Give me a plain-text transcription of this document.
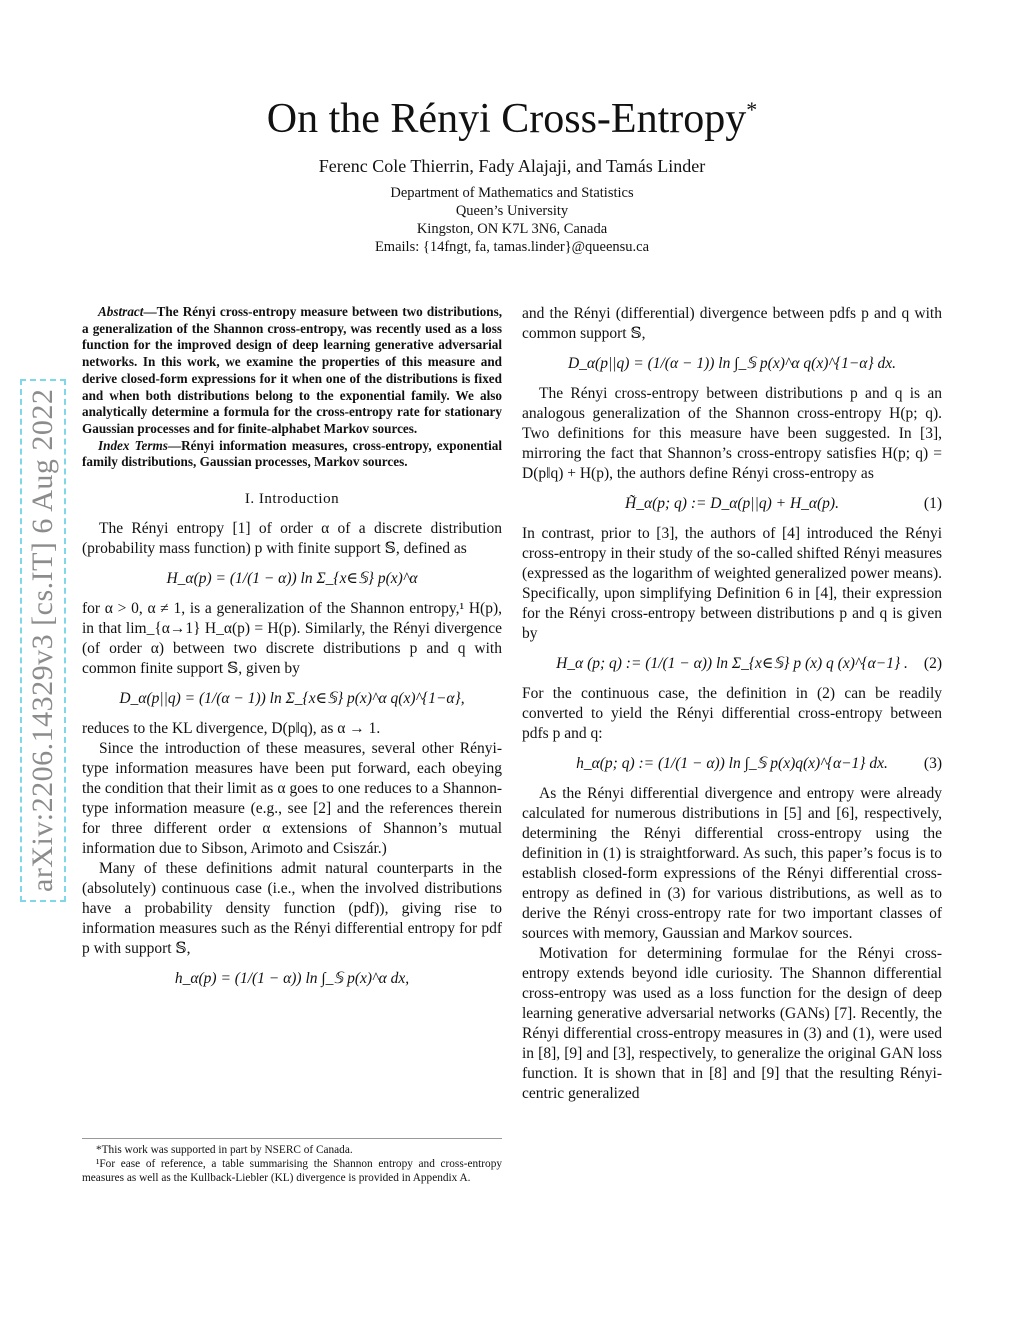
arXiv:2206.14329v3 [cs.IT] 6 Aug 2022
On the Rényi Cross-Entropy*
Ferenc Cole Thierrin, Fady Alajaji, and Tamás Linder
Department of Mathematics and Statistics
Queen’s University
Kingston, ON K7L 3N6, Canada
Emails: {14fngt, fa, tamas.linder}@queensu.ca

Abstract—The Rényi cross-entropy measure between two distributions, a generalization of the Shannon cross-entropy, was recently used as a loss function for the improved design of deep learning generative adversarial networks. In this work, we examine the properties of this measure and derive closed-form expressions for it when one of the distributions is fixed and when both distributions belong to the exponential family. We also analytically determine a formula for the cross-entropy rate for stationary Gaussian processes and for finite-alphabet Markov sources.

Index Terms—Rényi information measures, cross-entropy, exponential family distributions, Gaussian processes, Markov sources.

I. Introduction

The Rényi entropy [1] of order α of a discrete distribution (probability mass function) p with finite support 𝕊, defined as

H_α(p) = (1/(1 − α)) ln Σ_{x∈𝕊} p(x)^α

for α > 0, α ≠ 1, is a generalization of the Shannon entropy,¹ H(p), in that lim_{α→1} H_α(p) = H(p). Similarly, the Rényi divergence (of order α) between two discrete distributions p and q with common finite support 𝕊, given by

D_α(p||q) = (1/(α − 1)) ln Σ_{x∈𝕊} p(x)^α q(x)^{1−α},

reduces to the KL divergence, D(p‖q), as α → 1.

Since the introduction of these measures, several other Rényi-type information measures have been put forward, each obeying the condition that their limit as α goes to one reduces to a Shannon-type information measure (e.g., see [2] and the references therein for three different order α extensions of Shannon’s mutual information due to Sibson, Arimoto and Csiszár.)

Many of these definitions admit natural counterparts in the (absolutely) continuous case (i.e., when the involved distributions have a probability density function (pdf)), giving rise to information measures such as the Rényi differential entropy for pdf p with support 𝕊,

h_α(p) = (1/(1 − α)) ln ∫_𝕊 p(x)^α dx,

*This work was supported in part by NSERC of Canada.

¹For ease of reference, a table summarising the Shannon entropy and cross-entropy measures as well as the Kullback-Liebler (KL) divergence is provided in Appendix A.

and the Rényi (differential) divergence between pdfs p and q with common support 𝕊,

D_α(p||q) = (1/(α − 1)) ln ∫_𝕊 p(x)^α q(x)^{1−α} dx.

The Rényi cross-entropy between distributions p and q is an analogous generalization of the Shannon cross-entropy H(p; q). Two definitions for this measure have been suggested. In [3], mirroring the fact that Shannon’s cross-entropy satisfies H(p; q) = D(p‖q) + H(p), the authors define Rényi cross-entropy as

H̃_α(p; q) := D_α(p||q) + H_α(p).	(1)

In contrast, prior to [3], the authors of [4] introduced the Rényi cross-entropy in their study of the so-called shifted Rényi measures (expressed as the logarithm of weighted generalized power means). Specifically, upon simplifying Definition 6 in [4], their expression for the Rényi cross-entropy between distributions p and q is given by

H_α (p; q) := (1/(1 − α)) ln Σ_{x∈𝕊} p (x) q (x)^{α−1} . (2)

For the continuous case, the definition in (2) can be readily converted to yield the Rényi differential cross-entropy between pdfs p and q:

h_α(p; q) := (1/(1 − α)) ln ∫_𝕊 p(x)q(x)^{α−1} dx. (3)

As the Rényi differential divergence and entropy were already calculated for numerous distributions in [5] and [6], respectively, determining the Rényi differential cross-entropy using the definition in (1) is straightforward. As such, this paper’s focus is to establish closed-form expressions of the Rényi differential cross-entropy as defined in (3) for various distributions, as well as to derive the Rényi cross-entropy rate for two important classes of sources with memory, Gaussian and Markov sources.

Motivation for determining formulae for the Rényi cross-entropy extends beyond idle curiosity. The Shannon differential cross-entropy was used as a loss function for the design of deep learning generative adversarial networks (GANs) [7]. Recently, the Rényi differential cross-entropy measures in (3) and (1), were used in [8], [9] and [3], respectively, to generalize the original GAN loss function. It is shown that in [8] and [9] that the resulting Rényi-centric generalized
